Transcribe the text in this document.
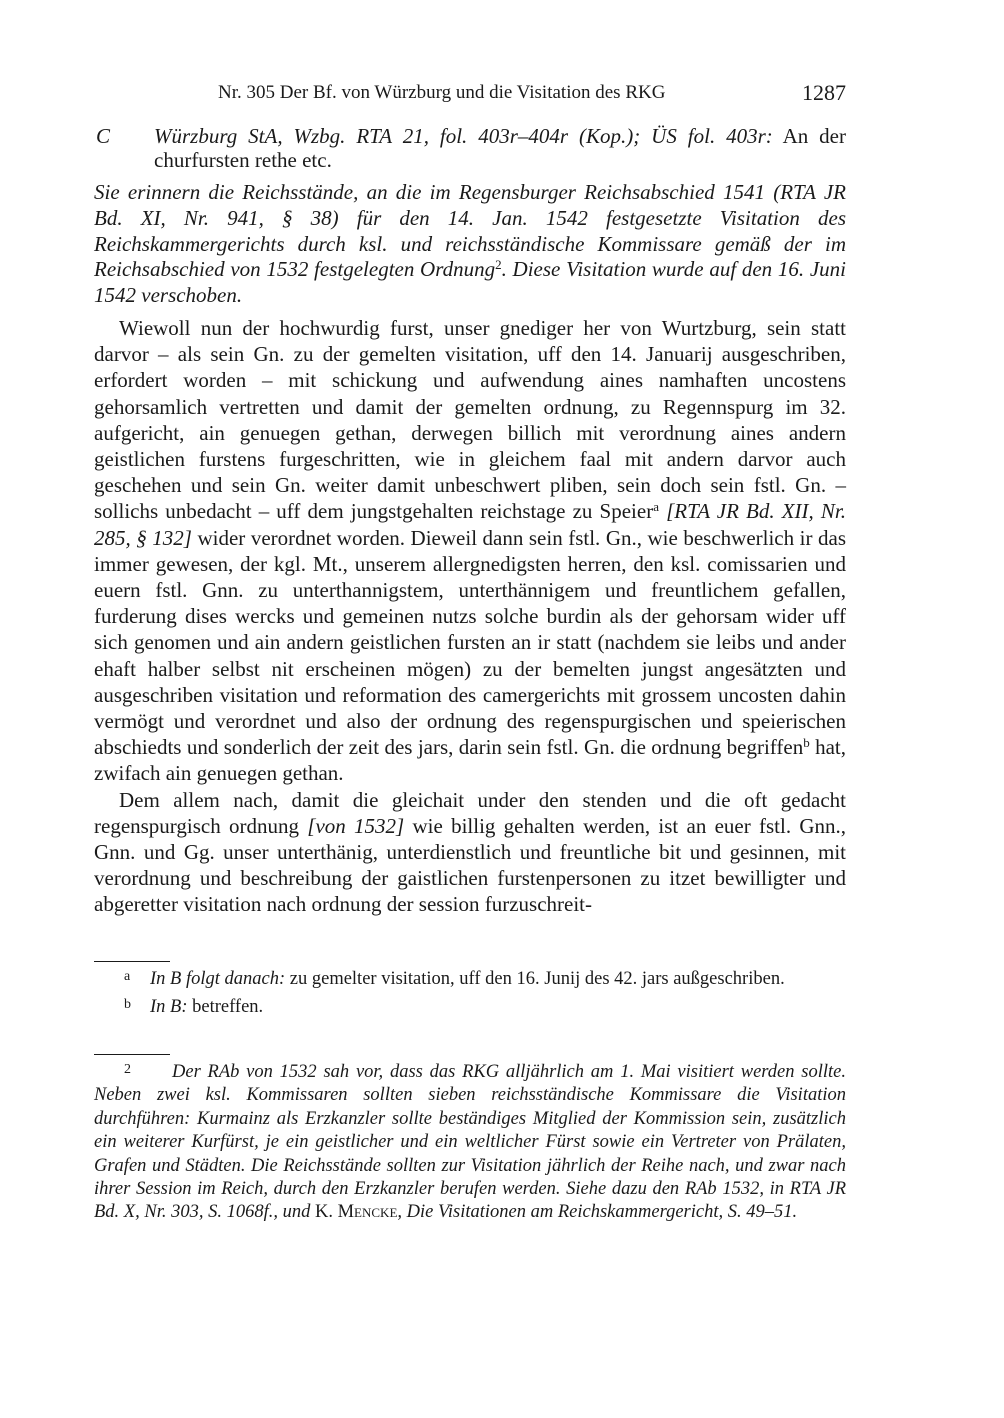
Nr. 305 Der Bf. von Würzburg und die Visitation des RKG	1287
C Würzburg StA, Wzbg. RTA 21, fol. 403r–404r (Kop.); ÜS fol. 403r: An der churfursten rethe etc.
Sie erinnern die Reichsstände, an die im Regensburger Reichsabschied 1541 (RTA JR Bd. XI, Nr. 941, § 38) für den 14. Jan. 1542 festgesetzte Visitation des Reichskammergerichts durch ksl. und reichsständische Kommissare gemäß der im Reichsabschied von 1532 festgelegten Ordnung$^2$. Diese Visitation wurde auf den 16. Juni 1542 verschoben.

Wiewoll nun der hochwurdig furst, unser gnediger her von Wurtzburg, sein statt darvor – als sein Gn. zu der gemelten visitation, uff den 14. Januarij ausgeschriben, erfordert worden – mit schickung und aufwendung aines namhaften uncostens gehorsamlich vertretten und damit der gemelten ordnung, zu Regennspurg im 32. aufgericht, ain genuegen gethan, derwegen billich mit verordnung aines andern geistlichen furstens furgeschritten, wie in gleichem faal mit andern darvor auch geschehen und sein Gn. weiter damit unbeschwert pliben, sein doch sein fstl. Gn. – sollichs unbedacht – uff dem jungstgehalten reichstage zu Speier$^a$ [RTA JR Bd. XII, Nr. 285, § 132] wider verordnet worden. Dieweil dann sein fstl. Gn., wie beschwerlich ir das immer gewesen, der kgl. Mt., unserem allergnedigsten herren, den ksl. comissarien und euern fstl. Gnn. zu unterthannigstem, unterthännigem und freuntlichem gefallen, furderung dises wercks und gemeinen nutzs solche burdin als der gehorsam wider uff sich genomen und ain andern geistlichen fursten an ir statt (nachdem sie leibs und ander ehaft halber selbst nit erscheinen mögen) zu der bemelten jungst angesätzten und ausgeschriben visitation und reformation des camergerichts mit grossem uncosten dahin vermögt und verordnet und also der ordnung des regenspurgischen und speierischen abschiedts und sonderlich der zeit des jars, darin sein fstl. Gn. die ordnung begriffen$^b$ hat, zwifach ain genuegen gethan.

Dem allem nach, damit die gleichait under den stenden und die oft gedacht regenspurgisch ordnung [von 1532] wie billig gehalten werden, ist an euer fstl. Gnn., Gnn. und Gg. unser unterthänig, unterdienstlich und freuntliche bit und gesinnen, mit verordnung und beschreibung der gaistlichen furstenpersonen zu itzet bewilligter und abgeretter visitation nach ordnung der session furzuschreit-

a In B folgt danach: zu gemelter visitation, uff den 16. Junij des 42. jars außgeschriben.

b In B: betreffen.

2 Der RAb von 1532 sah vor, dass das RKG alljährlich am 1. Mai visitiert werden sollte. Neben zwei ksl. Kommissaren sollten sieben reichsständische Kommissare die Visitation durchführen: Kurmainz als Erzkanzler sollte beständiges Mitglied der Kommission sein, zusätzlich ein weiterer Kurfürst, je ein geistlicher und ein weltlicher Fürst sowie ein Vertreter von Prälaten, Grafen und Städten. Die Reichsstände sollten zur Visitation jährlich der Reihe nach, und zwar nach ihrer Session im Reich, durch den Erzkanzler berufen werden. Siehe dazu den RAb 1532, in RTA JR Bd. X, Nr. 303, S. 1068f., und K. Mencke, Die Visitationen am Reichskammergericht, S. 49–51.
